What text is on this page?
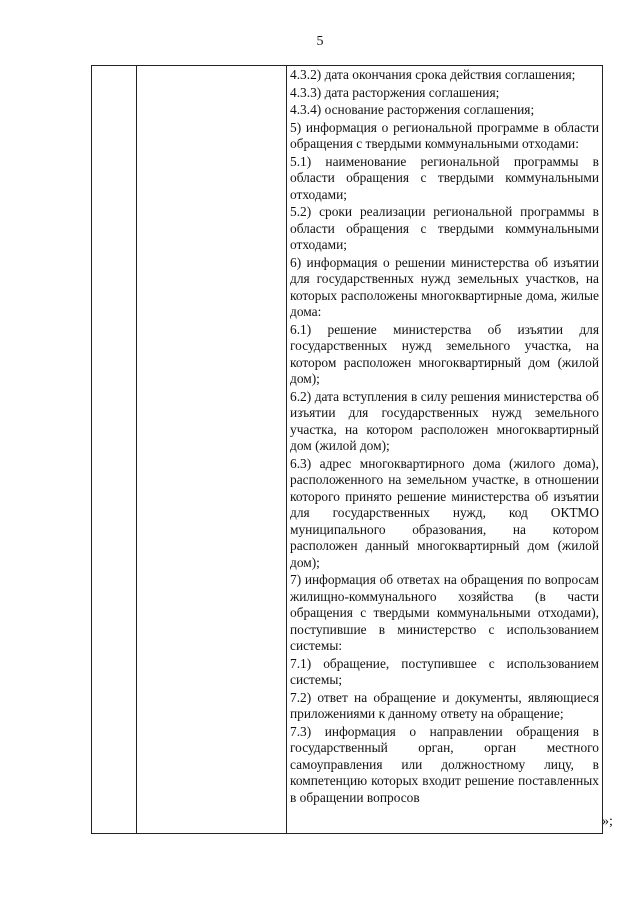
5

4.3.2) дата окончания срока действия соглашения;

4.3.3) дата расторжения соглашения;

4.3.4) основание расторжения соглашения;

5) информация о региональной программе в области обращения с твердыми коммунальными отходами:

5.1) наименование региональной программы в области обращения с твердыми коммунальными отходами;

5.2) сроки реализации региональной программы в области обращения с твердыми коммунальными отходами;

6) информация о решении министерства об изъятии для государственных нужд земельных участков, на которых расположены многоквартирные дома, жилые дома:

6.1) решение министерства об изъятии для государственных нужд земельного участка, на котором расположен многоквартирный дом (жилой дом);

6.2) дата вступления в силу решения министерства об изъятии для государственных нужд земельного участка, на котором расположен многоквартирный дом (жилой дом);

6.3) адрес многоквартирного дома (жилого дома), расположенного на земельном участке, в отношении которого принято решение министерства об изъятии для государственных нужд, код ОКТМО муниципального образования, на котором расположен данный многоквартирный дом (жилой дом);

7) информация об ответах на обращения по вопросам жилищно-коммунального хозяйства (в части обращения с твердыми коммунальными отходами), поступившие в министерство с использованием системы:

7.1) обращение, поступившее с использованием системы;

7.2) ответ на обращение и документы, являющиеся приложениями к данному ответу на обращение;

7.3) информация о направлении обращения в государственный орган, орган местного самоуправления или должностному лицу, в компетенцию которых входит решение поставленных в обращении вопросов

»;
